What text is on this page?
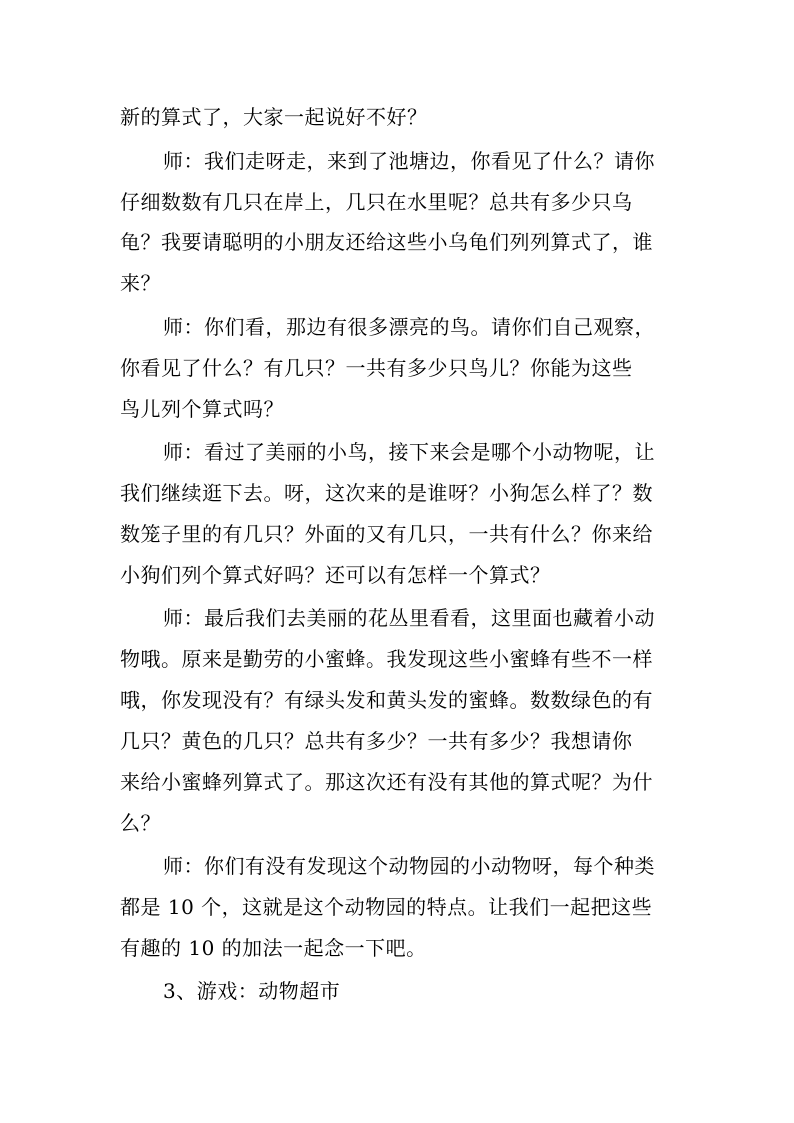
新的算式了，大家一起说好不好？
师：我们走呀走，来到了池塘边，你看见了什么？请你
仔细数数有几只在岸上，几只在水里呢？总共有多少只乌
龟？我要请聪明的小朋友还给这些小乌龟们列列算式了，谁
来？
师：你们看，那边有很多漂亮的鸟。请你们自己观察，
你看见了什么？有几只？一共有多少只鸟儿？你能为这些
鸟儿列个算式吗？
师：看过了美丽的小鸟，接下来会是哪个小动物呢，让
我们继续逛下去。呀，这次来的是谁呀？小狗怎么样了？数
数笼子里的有几只？外面的又有几只，一共有什么？你来给
小狗们列个算式好吗？还可以有怎样一个算式？
师：最后我们去美丽的花丛里看看，这里面也藏着小动
物哦。原来是勤劳的小蜜蜂。我发现这些小蜜蜂有些不一样
哦，你发现没有？有绿头发和黄头发的蜜蜂。数数绿色的有
几只？黄色的几只？总共有多少？一共有多少？我想请你
来给小蜜蜂列算式了。那这次还有没有其他的算式呢？为什
么？
师：你们有没有发现这个动物园的小动物呀，每个种类
都是 10 个，这就是这个动物园的特点。让我们一起把这些
有趣的 10 的加法一起念一下吧。
3、游戏：动物超市
